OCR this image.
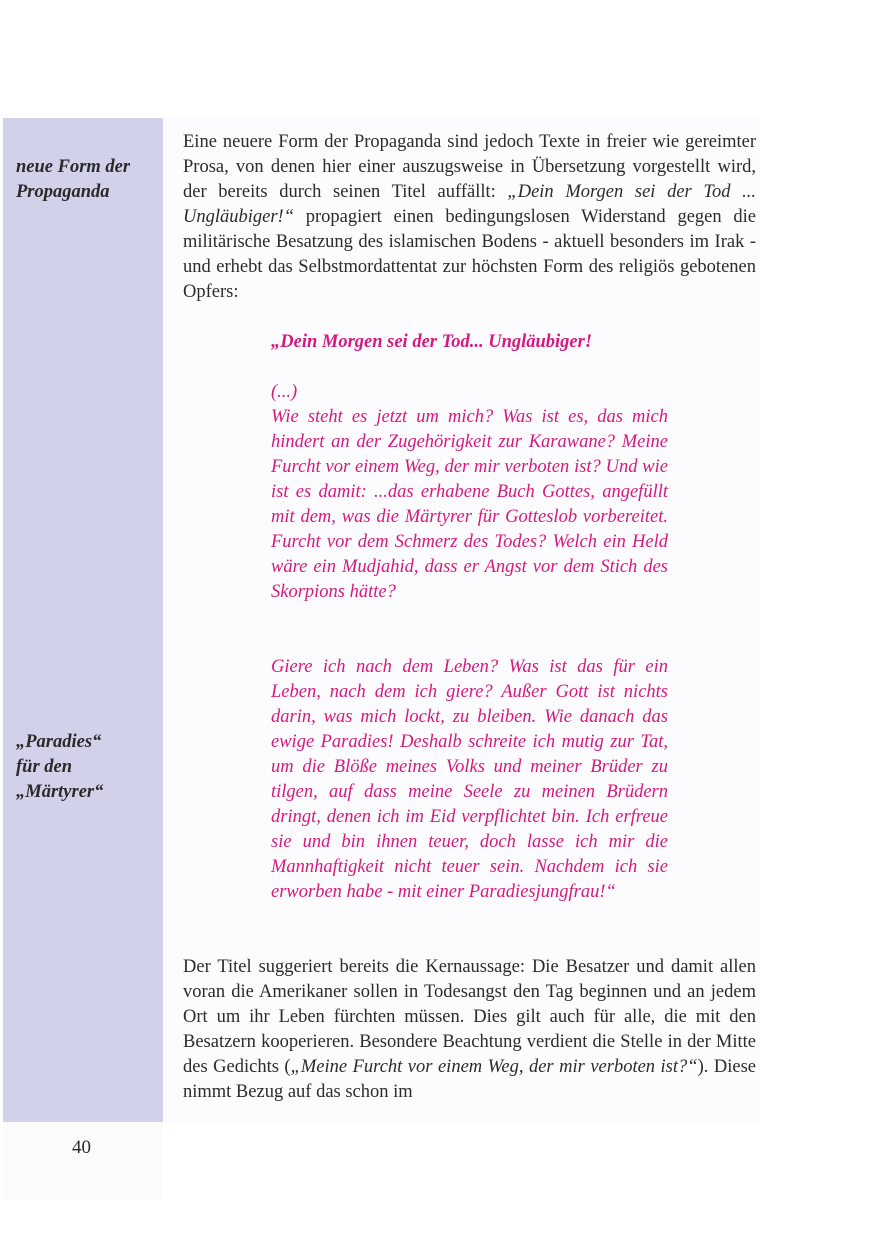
neue Form der
Propaganda

„Paradies“
für den
„Märtyrer“

Eine neuere Form der Propaganda sind jedoch Texte in freier wie gereimter Prosa, von denen hier einer auszugsweise in Übersetzung vorgestellt wird, der bereits durch seinen Titel auffällt: „Dein Morgen sei der Tod ... Ungläubiger!“ propagiert einen bedingungslosen Widerstand gegen die militärische Besatzung des islamischen Bodens - aktuell besonders im Irak - und erhebt das Selbstmordattentat zur höchsten Form des religiös gebotenen Opfers:

„Dein Morgen sei der Tod... Ungläubiger!

(...)
Wie steht es jetzt um mich? Was ist es, das mich hindert an der Zugehörigkeit zur Karawane? Meine Furcht vor einem Weg, der mir verboten ist? Und wie ist es damit: ...das erhabene Buch Gottes, angefüllt mit dem, was die Märtyrer für Gotteslob vorbereitet. Furcht vor dem Schmerz des Todes? Welch ein Held wäre ein Mudjahid, dass er Angst vor dem Stich des Skorpions hätte?

Giere ich nach dem Leben? Was ist das für ein Leben, nach dem ich giere? Außer Gott ist nichts darin, was mich lockt, zu bleiben. Wie danach das ewige Paradies! Deshalb schreite ich mutig zur Tat, um die Blöße meines Volks und meiner Brüder zu tilgen, auf dass meine Seele zu meinen Brüdern dringt, denen ich im Eid verpflichtet bin. Ich erfreue sie und bin ihnen teuer, doch lasse ich mir die Mannhaftigkeit nicht teuer sein. Nachdem ich sie erworben habe - mit einer Paradiesjungfrau!“

Der Titel suggeriert bereits die Kernaussage: Die Besatzer und damit allen voran die Amerikaner sollen in Todesangst den Tag beginnen und an jedem Ort um ihr Leben fürchten müssen. Dies gilt auch für alle, die mit den Besatzern kooperieren. Besondere Beachtung verdient die Stelle in der Mitte des Gedichts („Meine Furcht vor einem Weg, der mir verboten ist?“). Diese nimmt Bezug auf das schon im

40
